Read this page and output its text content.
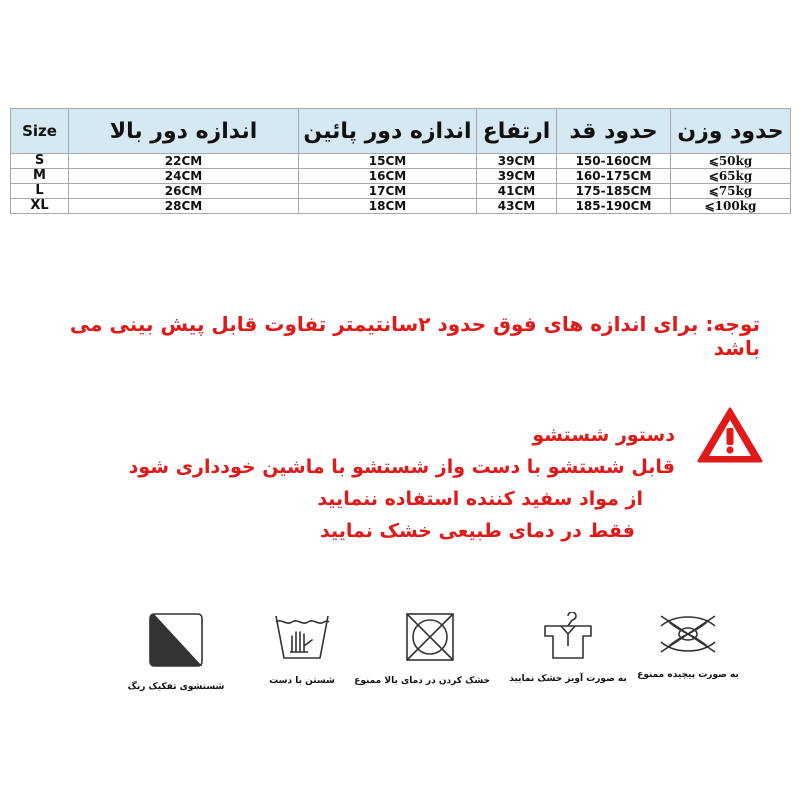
Size	اندازه دور بالا	اندازه دور پائین	ارتفاع	حدود قد	حدود وزن
S	22CM	15CM	39CM	150-160CM	⩽50kg
M	24CM	16CM	39CM	160-175CM	⩽65kg
L	26CM	17CM	41CM	175-185CM	⩽75kg
XL	28CM	18CM	43CM	185-190CM	⩽100kg
توجه: برای اندازه های فوق حدود ۲سانتیمتر تفاوت قابل پیش بینی می باشد
دستور شستشو
قابل شستشو با دست واز شستشو با ماشین خودداری شود
از مواد سفید کننده استفاده ننمایید
فقط در دمای طبیعی خشک نمایید
به صورت پیچیده ممنوع
به صورت آویز خشک نمایید
خشک کردن در دمای بالا ممنوع
شستن با دست
شستشوی تفکیک رنگ
